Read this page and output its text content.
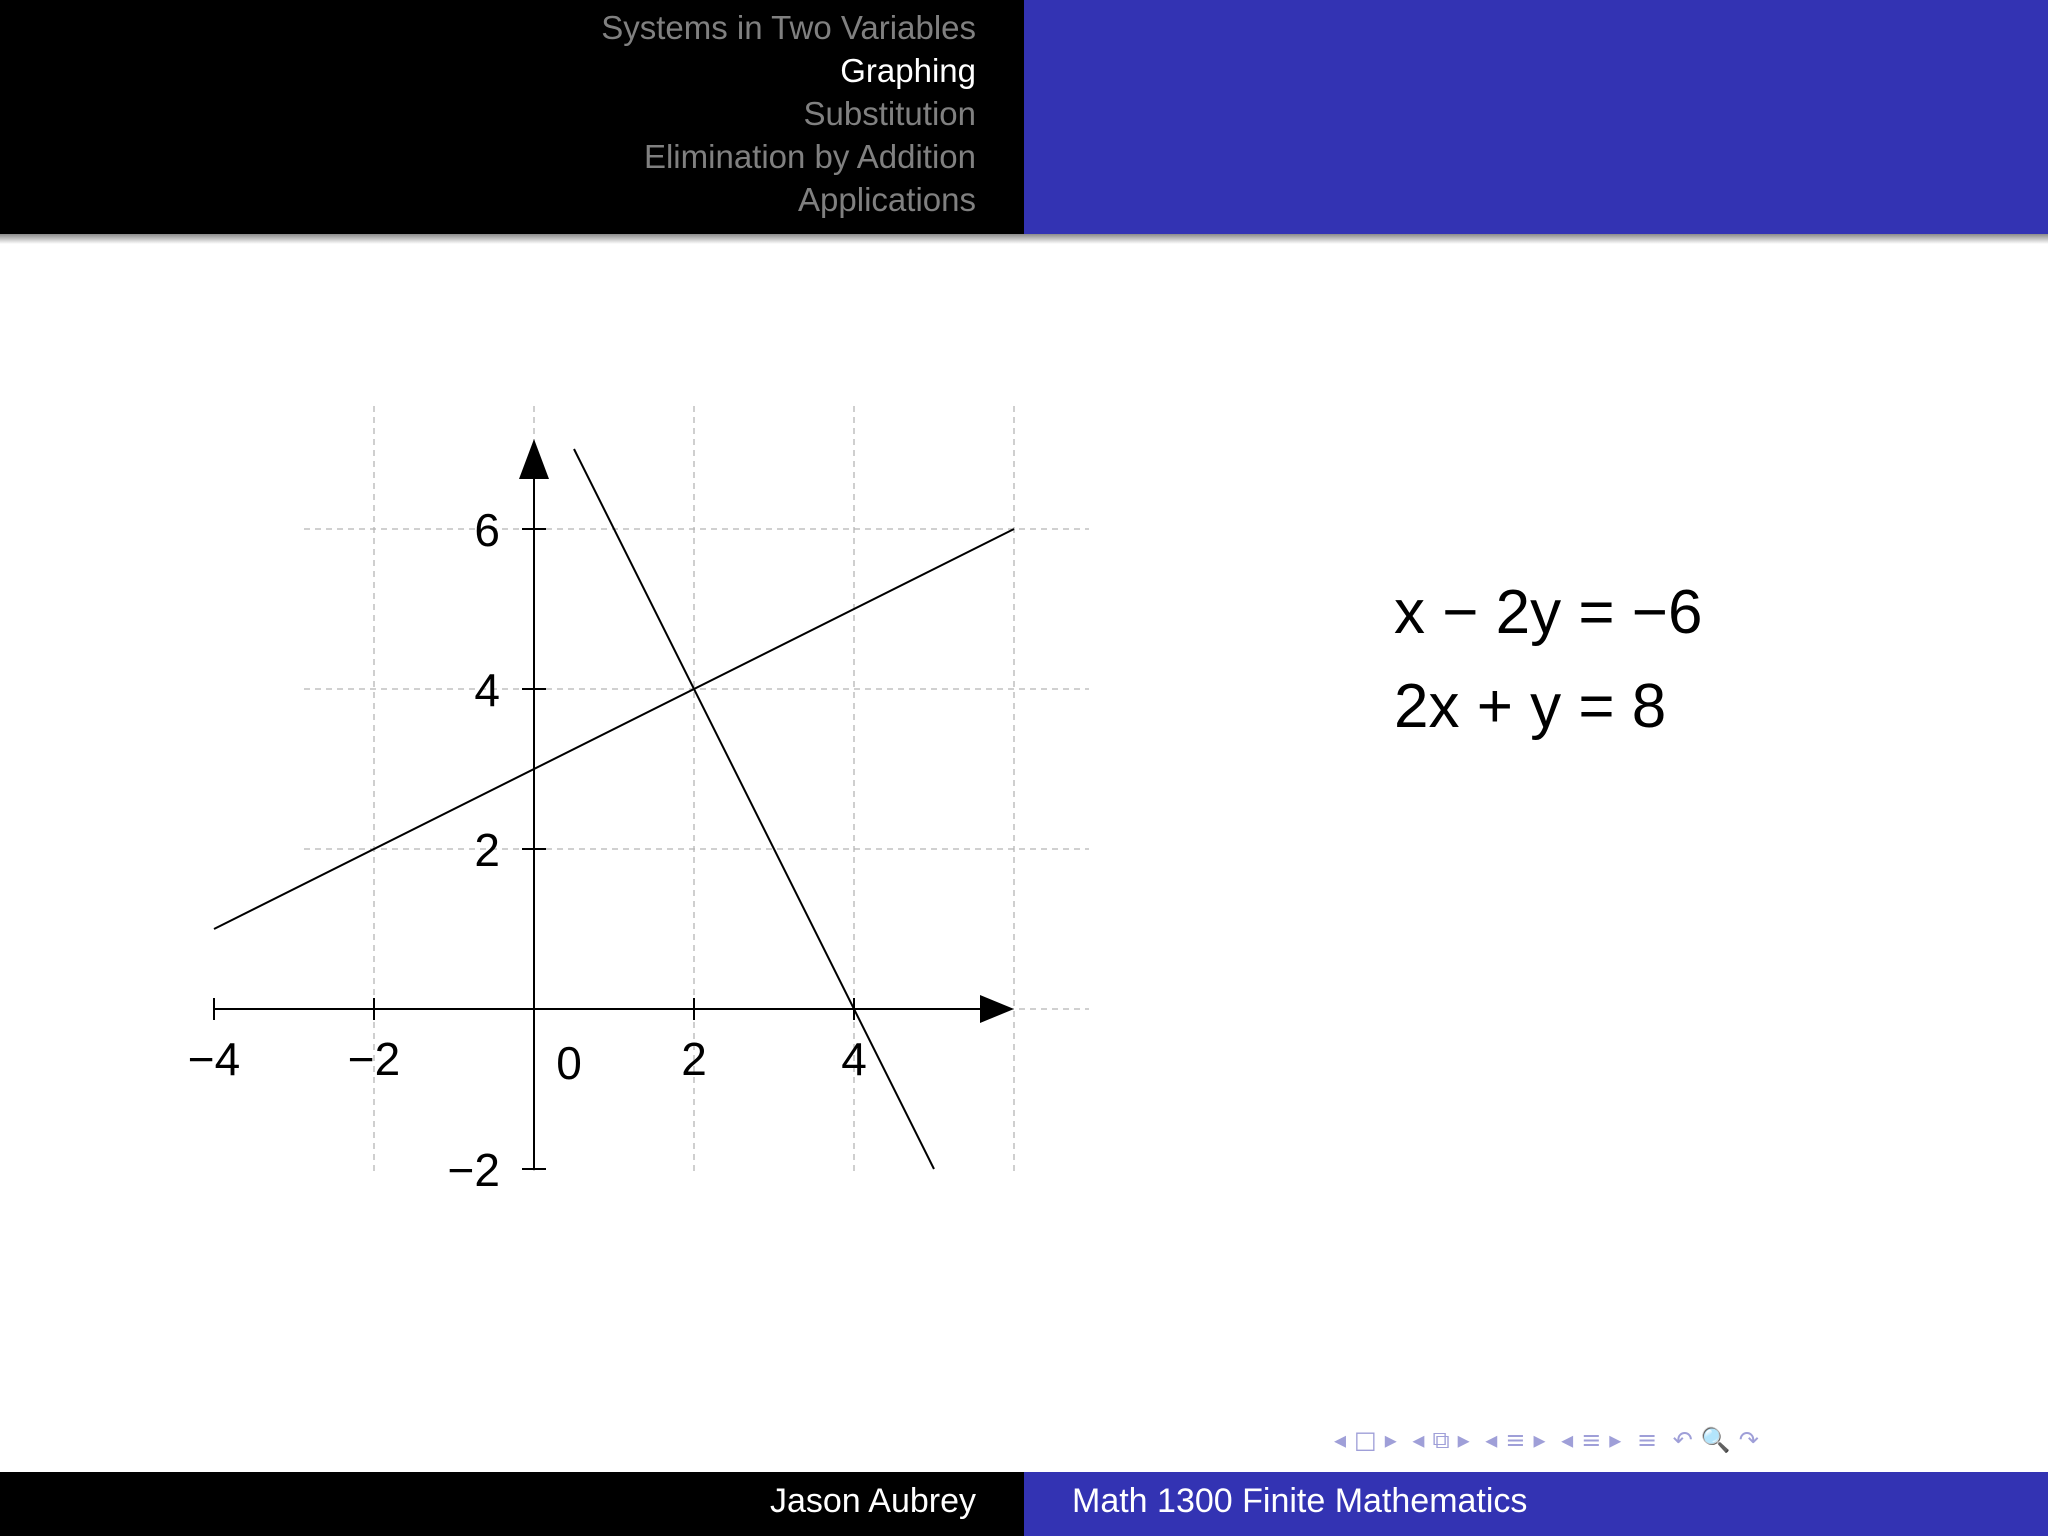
Systems in Two Variables
Graphing
Substitution
Elimination by Addition
Applications
−4 −2	2	4
0
−2
2
4
6
x − 2y = −6
2x + y = 8
◂ □ ▸ ◂ ⧉ ▸ ◂ ≡ ▸ ◂ ≡ ▸ ≡ ↶ 🔍 ↷
Jason Aubrey	Math 1300 Finite Mathematics
